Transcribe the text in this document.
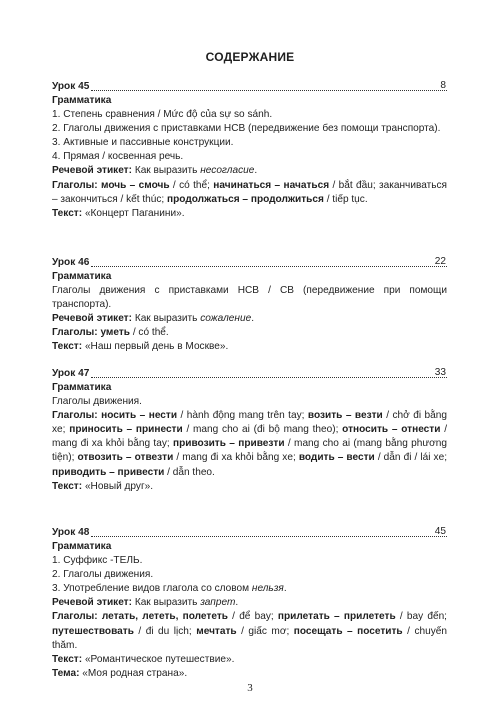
СОДЕРЖАНИЕ
Урок 45
Грамматика
1. Степень сравнения / Mức độ của sự so sánh.
2. Глаголы движения с приставками НСВ (передвижение без помощи транспорта).
3. Активные и пассивные конструкции.
4. Прямая / косвенная речь.
Речевой этикет: Как выразить несогласие.
Глаголы: мочь – смочь / có thể; начинаться – начаться / bắt đầu; заканчиваться – закончиться / kết thúc; продолжаться – продолжиться / tiếp tục.
Текст: «Концерт Паганини».
8
Урок 46
Грамматика
Глаголы движения с приставками НСВ / СВ (передвижение при помощи транспорта).
Речевой этикет: Как выразить сожаление.
Глаголы: уметь / có thể.
Текст: «Наш первый день в Москве».
22
Урок 47
Грамматика
Глаголы движения.
Глаголы: носить – нести / hành động mang trên tay; возить – везти / chở đi bằng xe; приносить – принести / mang cho ai (đi bộ mang theo); относить – отнести / mang đi xa khỏi bằng tay; привозить – привезти / mang cho ai (mang bằng phương tiện); отвозить – отвезти / mang đi xa khỏi bằng xe; водить – вести / dẫn đi / lái xe; приводить – привести / dẫn theo.
Текст: «Новый друг».
33
Урок 48
Грамматика
1. Суффикс -ТЕЛЬ.
2. Глаголы движения.
3. Употребление видов глагола со словом нельзя.
Речевой этикет: Как выразить запрет.
Глаголы: летать, лететь, полететь / để bay; прилетать – прилететь / bay đến; путешествовать / đi du lịch; мечтать / giấc mơ; посещать – посетить / chuyến thăm.
Текст: «Романтическое путешествие».
Тема: «Моя родная страна».
45
3
